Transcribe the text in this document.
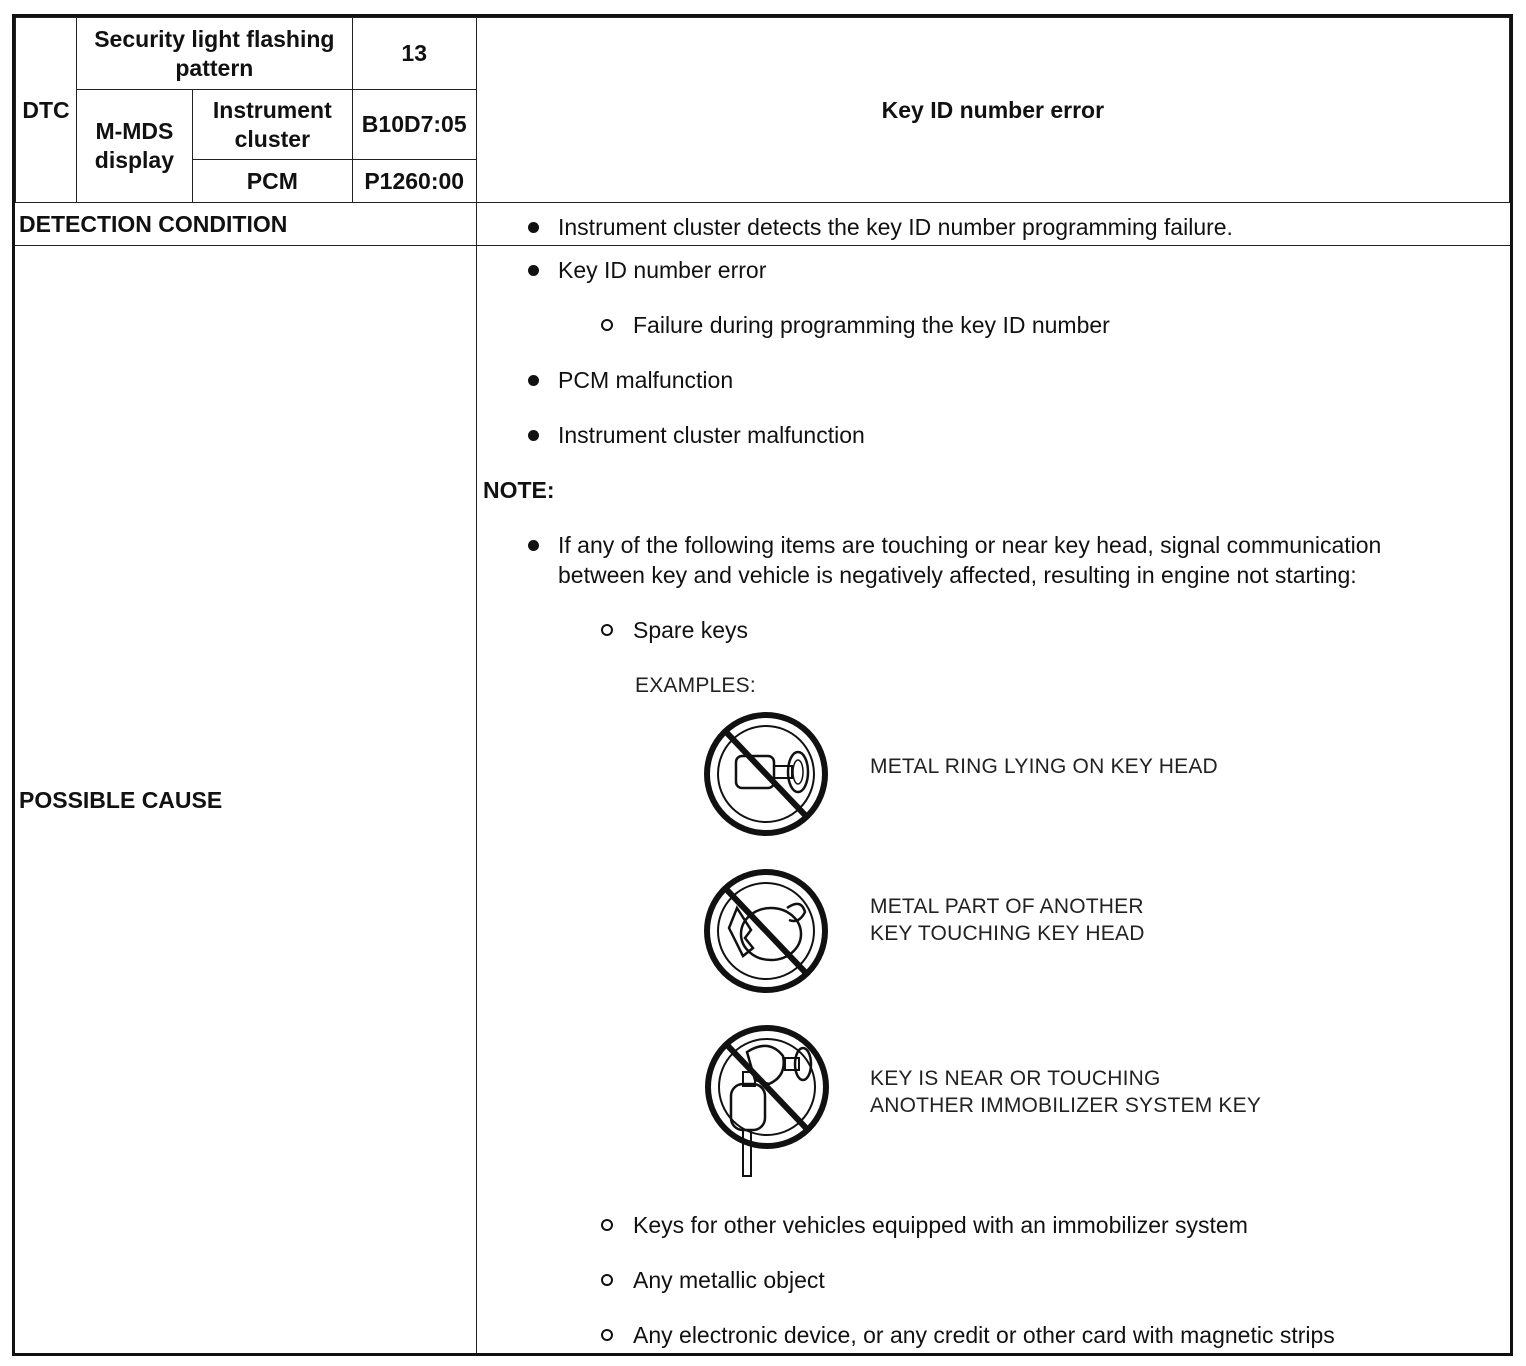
DTC	Security light flashing pattern		13	Key ID number error
	M-MDS display	Instrument cluster	B10D7:05	
		PCM	P1260:00	
DETECTION CONDITION	Instrument cluster detects the key ID number programming failure.
POSSIBLE CAUSE
Key ID number error
Failure during programming the key ID number
PCM malfunction
Instrument cluster malfunction
NOTE:
If any of the following items are touching or near key head, signal communication
between key and vehicle is negatively affected, resulting in engine not starting:
Spare keys
EXAMPLES:
METAL RING LYING ON KEY HEAD
METAL PART OF ANOTHER
KEY TOUCHING KEY HEAD
KEY IS NEAR OR TOUCHING
ANOTHER IMMOBILIZER SYSTEM KEY
Keys for other vehicles equipped with an immobilizer system
Any metallic object
Any electronic device, or any credit or other card with magnetic strips
